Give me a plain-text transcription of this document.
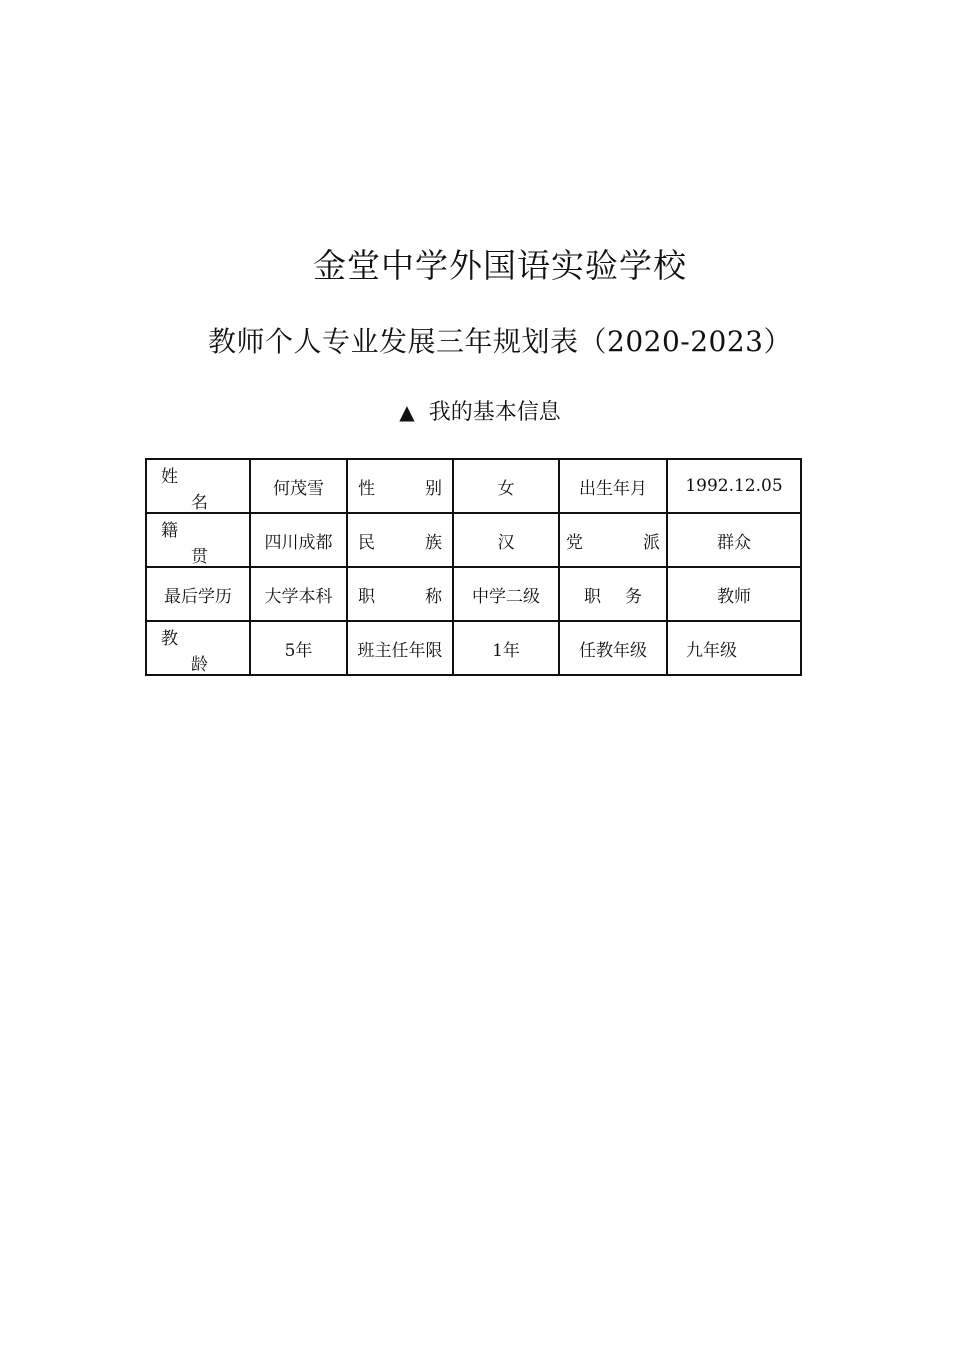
金堂中学外国语实验学校
教师个人专业发展三年规划表（2020-2023）
▲ 我的基本信息
姓
名	何茂雪	性 别	女	出生年月	1992.12.05

籍
贯	四川成都	民 族	汉	党 派	群众
最后学历	大学本科	职 称	中学二级	职 务	教师

教
龄	5年	班主任年限	1年	任教年级	九年级
